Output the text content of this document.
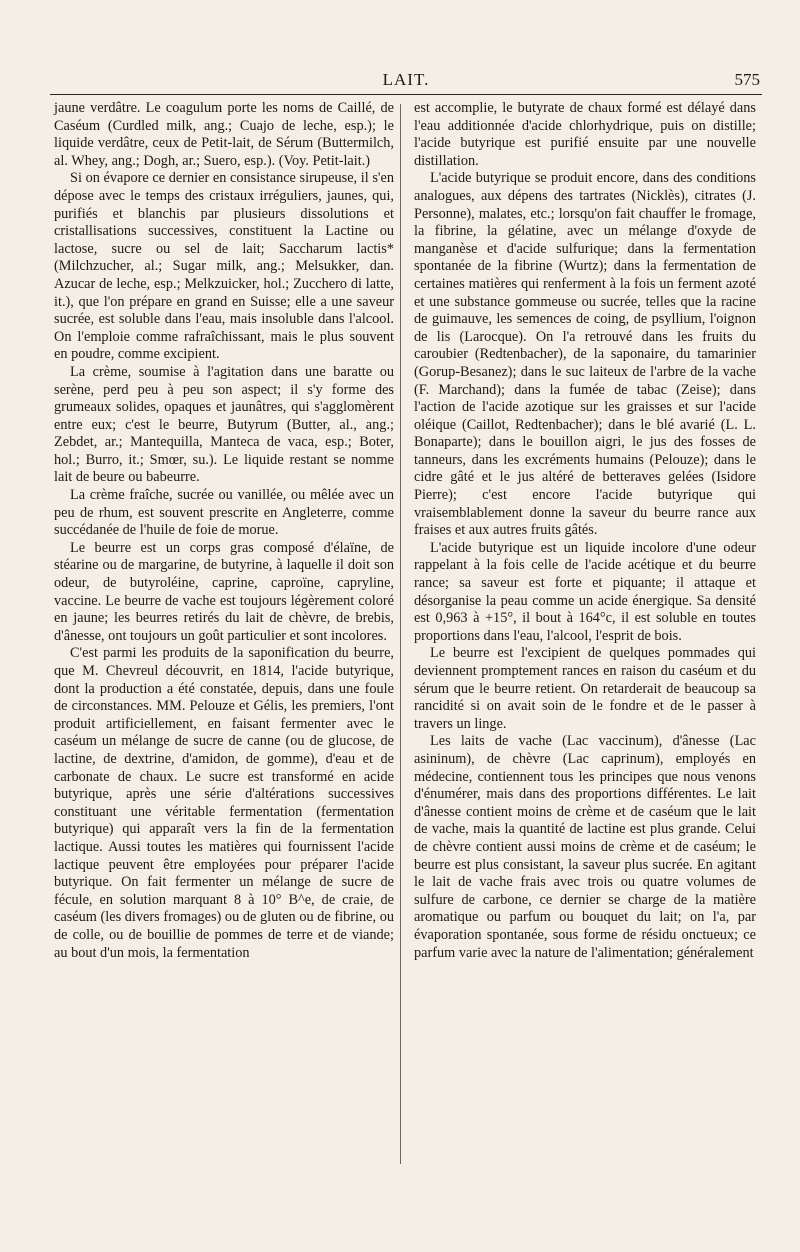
LAIT.	575

jaune verdâtre. Le coagulum porte les noms de Caillé, de Caséum (Curdled milk, ang.; Cuajo de leche, esp.); le liquide verdâtre, ceux de Petit-lait, de Sérum (Buttermilch, al. Whey, ang.; Dogh, ar.; Suero, esp.). (Voy. Petit-lait.)

Si on évapore ce dernier en consistance sirupeuse, il s'en dépose avec le temps des cristaux irréguliers, jaunes, qui, purifiés et blanchis par plusieurs dissolutions et cristallisations successives, constituent la Lactine ou lactose, sucre ou sel de lait; Saccharum lactis* (Milchzucher, al.; Sugar milk, ang.; Melsukker, dan. Azucar de leche, esp.; Melkzuicker, hol.; Zucchero di latte, it.), que l'on prépare en grand en Suisse; elle a une saveur sucrée, est soluble dans l'eau, mais insoluble dans l'alcool. On l'emploie comme rafraîchissant, mais le plus souvent en poudre, comme excipient.

La crème, soumise à l'agitation dans une baratte ou serène, perd peu à peu son aspect; il s'y forme des grumeaux solides, opaques et jaunâtres, qui s'agglomèrent entre eux; c'est le beurre, Butyrum (Butter, al., ang.; Zebdet, ar.; Mantequilla, Manteca de vaca, esp.; Boter, hol.; Burro, it.; Smœr, su.). Le liquide restant se nomme lait de beure ou babeurre.

La crème fraîche, sucrée ou vanillée, ou mêlée avec un peu de rhum, est souvent prescrite en Angleterre, comme succédanée de l'huile de foie de morue.

Le beurre est un corps gras composé d'élaïne, de stéarine ou de margarine, de butyrine, à laquelle il doit son odeur, de butyroléine, caprine, caproïne, capryline, vaccine. Le beurre de vache est toujours légèrement coloré en jaune; les beurres retirés du lait de chèvre, de brebis, d'ânesse, ont toujours un goût particulier et sont incolores.

C'est parmi les produits de la saponification du beurre, que M. Chevreul découvrit, en 1814, l'acide butyrique, dont la production a été constatée, depuis, dans une foule de circonstances. MM. Pelouze et Gélis, les premiers, l'ont produit artificiellement, en faisant fermenter avec le caséum un mélange de sucre de canne (ou de glucose, de lactine, de dextrine, d'amidon, de gomme), d'eau et de carbonate de chaux. Le sucre est transformé en acide butyrique, après une série d'altérations successives constituant une véritable fermentation (fermentation butyrique) qui apparaît vers la fin de la fermentation lactique. Aussi toutes les matières qui fournissent l'acide lactique peuvent être employées pour préparer l'acide butyrique. On fait fermenter un mélange de sucre de fécule, en solution marquant 8 à 10° B^e, de craie, de caséum (les divers fromages) ou de gluten ou de fibrine, ou de colle, ou de bouillie de pommes de terre et de viande; au bout d'un mois, la fermentation

est accomplie, le butyrate de chaux formé est délayé dans l'eau additionnée d'acide chlorhydrique, puis on distille; l'acide butyrique est purifié ensuite par une nouvelle distillation.

L'acide butyrique se produit encore, dans des conditions analogues, aux dépens des tartrates (Nicklès), citrates (J. Personne), malates, etc.; lorsqu'on fait chauffer le fromage, la fibrine, la gélatine, avec un mélange d'oxyde de manganèse et d'acide sulfurique; dans la fermentation spontanée de la fibrine (Wurtz); dans la fermentation de certaines matières qui renferment à la fois un ferment azoté et une substance gommeuse ou sucrée, telles que la racine de guimauve, les semences de coing, de psyllium, l'oignon de lis (Larocque). On l'a retrouvé dans les fruits du caroubier (Redtenbacher), de la saponaire, du tamarinier (Gorup-Besanez); dans le suc laiteux de l'arbre de la vache (F. Marchand); dans la fumée de tabac (Zeise); dans l'action de l'acide azotique sur les graisses et sur l'acide oléique (Caillot, Redtenbacher); dans le blé avarié (L. L. Bonaparte); dans le bouillon aigri, le jus des fosses de tanneurs, dans les excréments humains (Pelouze); dans le cidre gâté et le jus altéré de betteraves gelées (Isidore Pierre); c'est encore l'acide butyrique qui vraisemblablement donne la saveur du beurre rance aux fraises et aux autres fruits gâtés.

L'acide butyrique est un liquide incolore d'une odeur rappelant à la fois celle de l'acide acétique et du beurre rance; sa saveur est forte et piquante; il attaque et désorganise la peau comme un acide énergique. Sa densité est 0,963 à +15°, il bout à 164°c, il est soluble en toutes proportions dans l'eau, l'alcool, l'esprit de bois.

Le beurre est l'excipient de quelques pommades qui deviennent promptement rances en raison du caséum et du sérum que le beurre retient. On retarderait de beaucoup sa rancidité si on avait soin de le fondre et de le passer à travers un linge.

Les laits de vache (Lac vaccinum), d'ânesse (Lac asininum), de chèvre (Lac caprinum), employés en médecine, contiennent tous les principes que nous venons d'énumérer, mais dans des proportions différentes. Le lait d'ânesse contient moins de crème et de caséum que le lait de vache, mais la quantité de lactine est plus grande. Celui de chèvre contient aussi moins de crème et de caséum; le beurre est plus consistant, la saveur plus sucrée. En agitant le lait de vache frais avec trois ou quatre volumes de sulfure de carbone, ce dernier se charge de la matière aromatique ou parfum ou bouquet du lait; on l'a, par évaporation spontanée, sous forme de résidu onctueux; ce parfum varie avec la nature de l'alimentation; généralement
